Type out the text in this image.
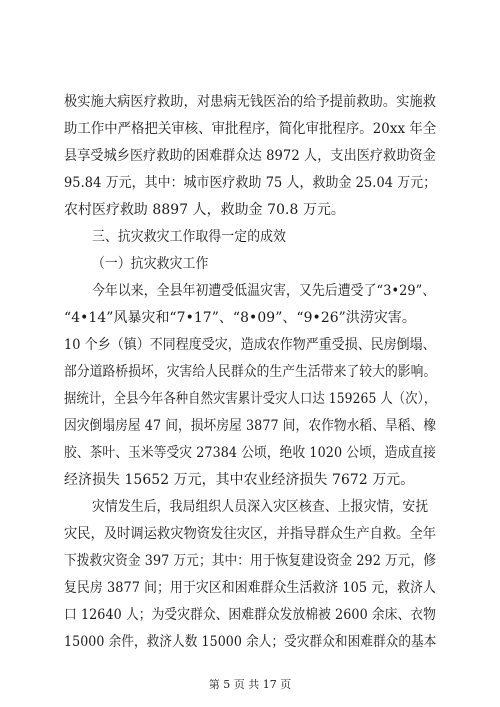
极实施大病医疗救助，对患病无钱医治的给予提前救助。实施救
助工作中严格把关审核、审批程序，简化审批程序。20xx 年全
县享受城乡医疗救助的困难群众达 8972 人，支出医疗救助资金
95.84 万元，其中：城市医疗救助 75 人，救助金 25.04 万元；
农村医疗救助 8897 人，救助金 70.8 万元。
三、抗灾救灾工作取得一定的成效
（一）抗灾救灾工作
今年以来，全县年初遭受低温灾害，又先后遭受了“3•29”、
“4•14”风暴灾和“7•17”、“8•09”、“9•26”洪涝灾害。
10 个乡（镇）不同程度受灾，造成农作物严重受损、民房倒塌、
部分道路桥损坏，灾害给人民群众的生产生活带来了较大的影响。
据统计，全县今年各种自然灾害累计受灾人口达 159265 人（次），
因灾倒塌房屋 47 间，损坏房屋 3877 间，农作物水稻、旱稻、橡
胶、茶叶、玉米等受灾 27384 公顷，绝收 1020 公顷，造成直接
经济损失 15652 万元，其中农业经济损失 7672 万元。
灾情发生后，我局组织人员深入灾区核查、上报灾情，安抚
灾民，及时调运救灾物资发往灾区，并指导群众生产自救。全年
下拨救灾资金 397 万元；其中：用于恢复建设资金 292 万元，修
复民房 3877 间；用于灾区和困难群众生活救济 105 元，救济人
口 12640 人；为受灾群众、困难群众发放棉被 2600 余床、衣物
15000 余件，救济人数 15000 余人；受灾群众和困难群众的基本
第 5 页 共 17 页
